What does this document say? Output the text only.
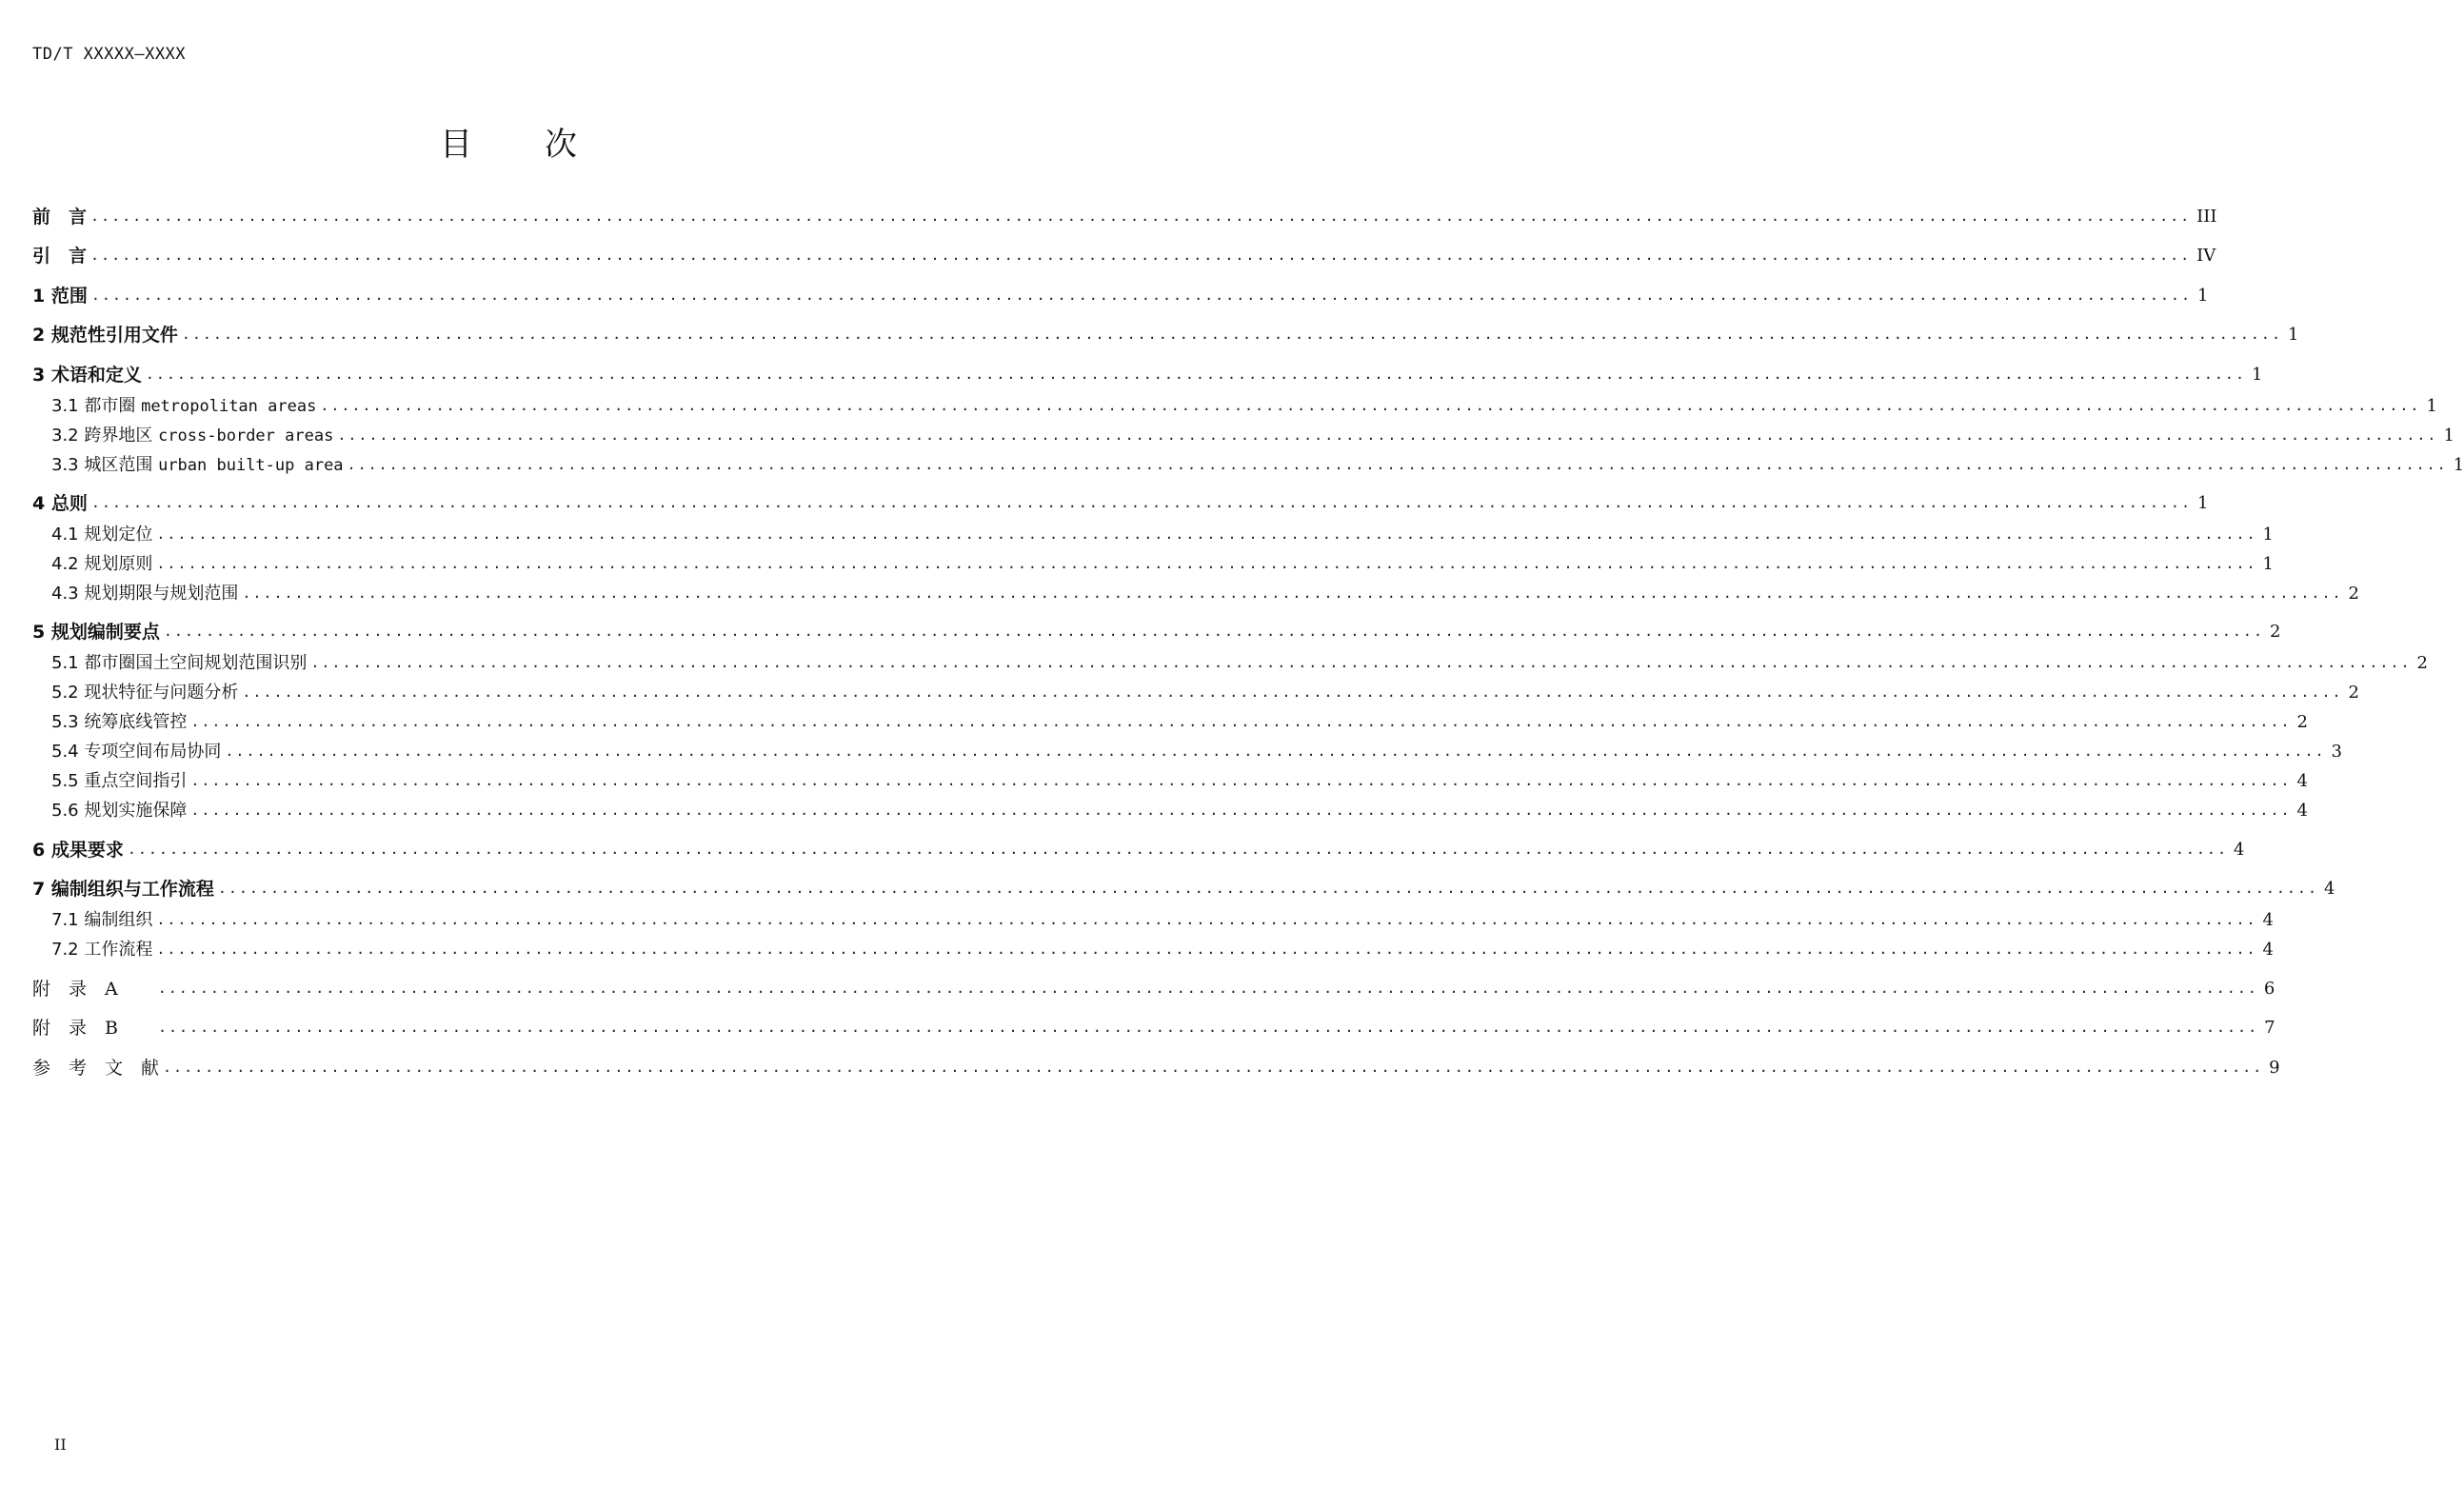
TD/T XXXXX—XXXX
目 次
前　言 ........................................................................................................................................................................................................ III
引　言 ........................................................................................................................................................................................................ IV
1 范围 ........................................................................................................................................................................................................ 1
2 规范性引用文件 ........................................................................................................................................................................................................ 1
3 术语和定义 ........................................................................................................................................................................................................ 1
3.1 都市圈 metropolitan areas ........................................................................................................................................................................................................ 1
3.2 跨界地区 cross-border areas ........................................................................................................................................................................................................ 1
3.3 城区范围 urban built-up area ........................................................................................................................................................................................................ 1
4 总则 ........................................................................................................................................................................................................ 1
4.1 规划定位 ........................................................................................................................................................................................................ 1
4.2 规划原则 ........................................................................................................................................................................................................ 1
4.3 规划期限与规划范围 ........................................................................................................................................................................................................ 2
5 规划编制要点 ........................................................................................................................................................................................................ 2
5.1 都市圈国土空间规划范围识别 ........................................................................................................................................................................................................ 2
5.2 现状特征与问题分析 ........................................................................................................................................................................................................ 2
5.3 统筹底线管控 ........................................................................................................................................................................................................ 2
5.4 专项空间布局协同 ........................................................................................................................................................................................................ 3
5.5 重点空间指引 ........................................................................................................................................................................................................ 4
5.6 规划实施保障 ........................................................................................................................................................................................................ 4
6 成果要求 ........................................................................................................................................................................................................ 4
7 编制组织与工作流程 ........................................................................................................................................................................................................ 4
7.1 编制组织 ........................................................................................................................................................................................................ 4
7.2 工作流程 ........................................................................................................................................................................................................ 4
附　录　A　　 ........................................................................................................................................................................................................ 6
附　录　B　　 ........................................................................................................................................................................................................ 7
参　考　文　献 ........................................................................................................................................................................................................ 9
II
